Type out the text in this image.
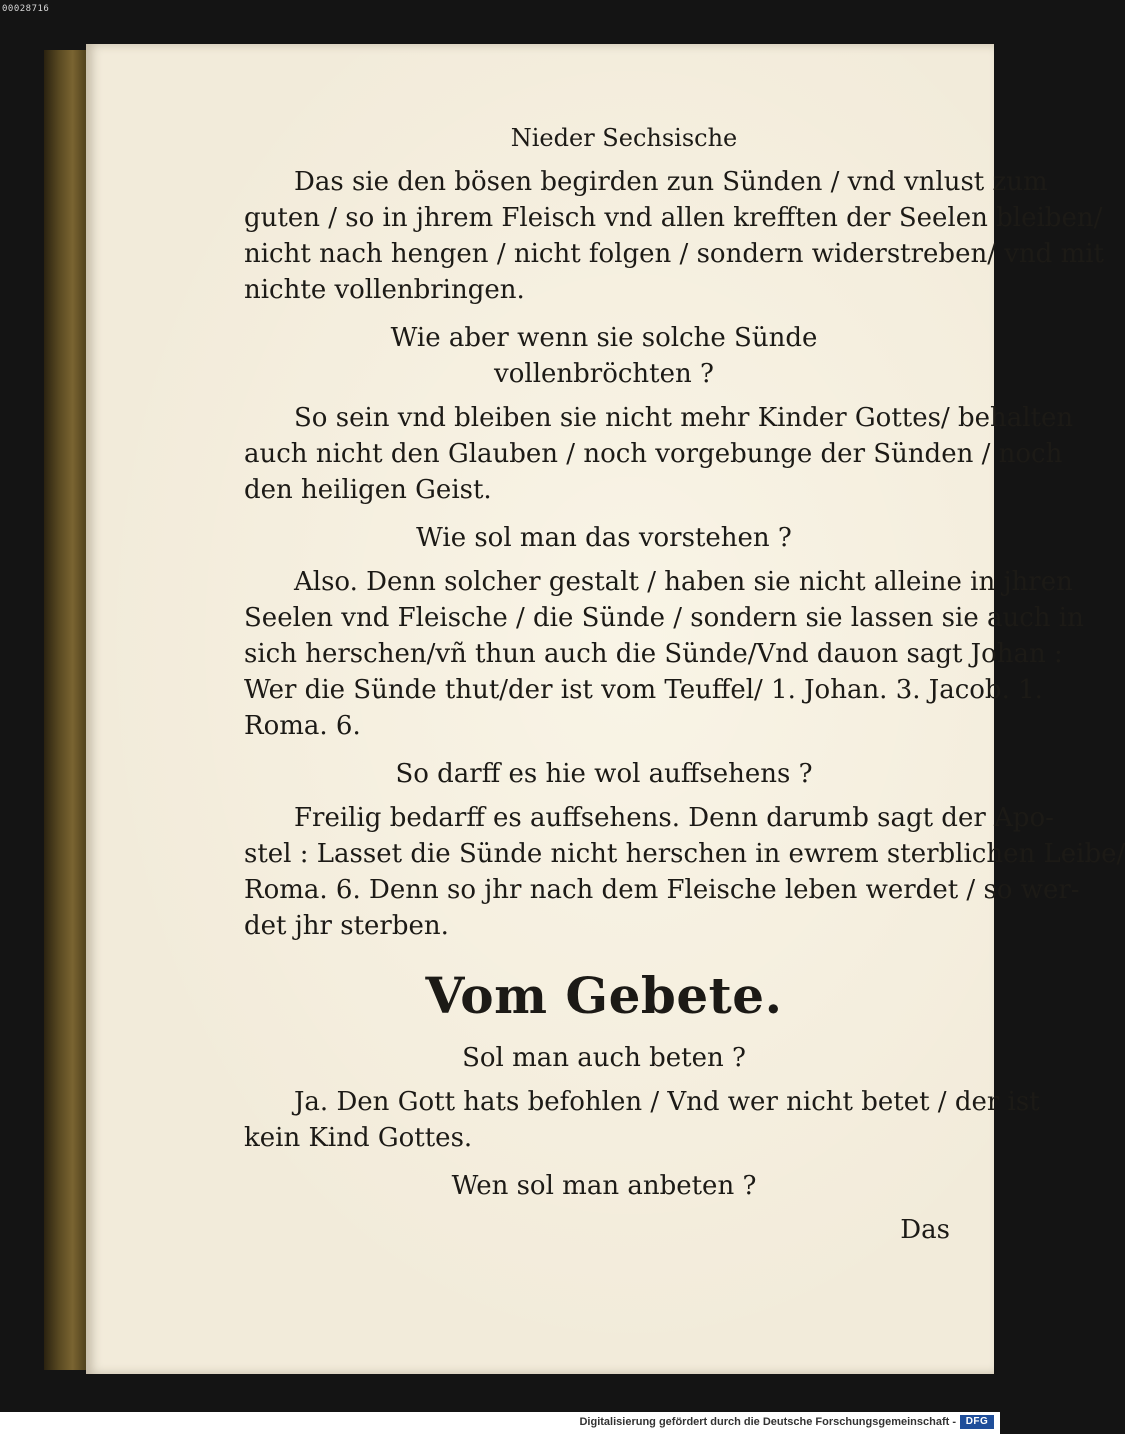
00028716
Nieder Sechsische

Das sie den bösen begirden zun Sünden / vnd vnlust zum
guten / so in jhrem Fleisch vnd allen krefften der Seelen bleiben/
nicht nach hengen / nicht folgen / sondern widerstreben/ vnd mit
nichte vollenbringen.

Wie aber wenn sie solche Sünde
vollenbröchten ?

So sein vnd bleiben sie nicht mehr Kinder Gottes/ behalten
auch nicht den Glauben / noch vorgebunge der Sünden / noch
den heiligen Geist.

Wie sol man das vorstehen ?

Also. Denn solcher gestalt / haben sie nicht alleine in jhren
Seelen vnd Fleische / die Sünde / sondern sie lassen sie auch in
sich herschen/vñ thun auch die Sünde/Vnd dauon sagt Johan :
Wer die Sünde thut/der ist vom Teuffel/ 1. Johan. 3. Jacob. 1.
Roma. 6.

So darff es hie wol auffsehens ?

Freilig bedarff es auffsehens. Denn darumb sagt der Apo-
stel : Lasset die Sünde nicht herschen in ewrem sterblichen Leibe/
Roma. 6. Denn so jhr nach dem Fleische leben werdet / so wer-
det jhr sterben.

Vom Gebete.
Sol man auch beten ?

Ja. Den Gott hats befohlen / Vnd wer nicht betet / der ist
kein Kind Gottes.

Wen sol man anbeten ?
Das
Digitalisierung gefördert durch die Deutsche Forschungsgemeinschaft - DFG
